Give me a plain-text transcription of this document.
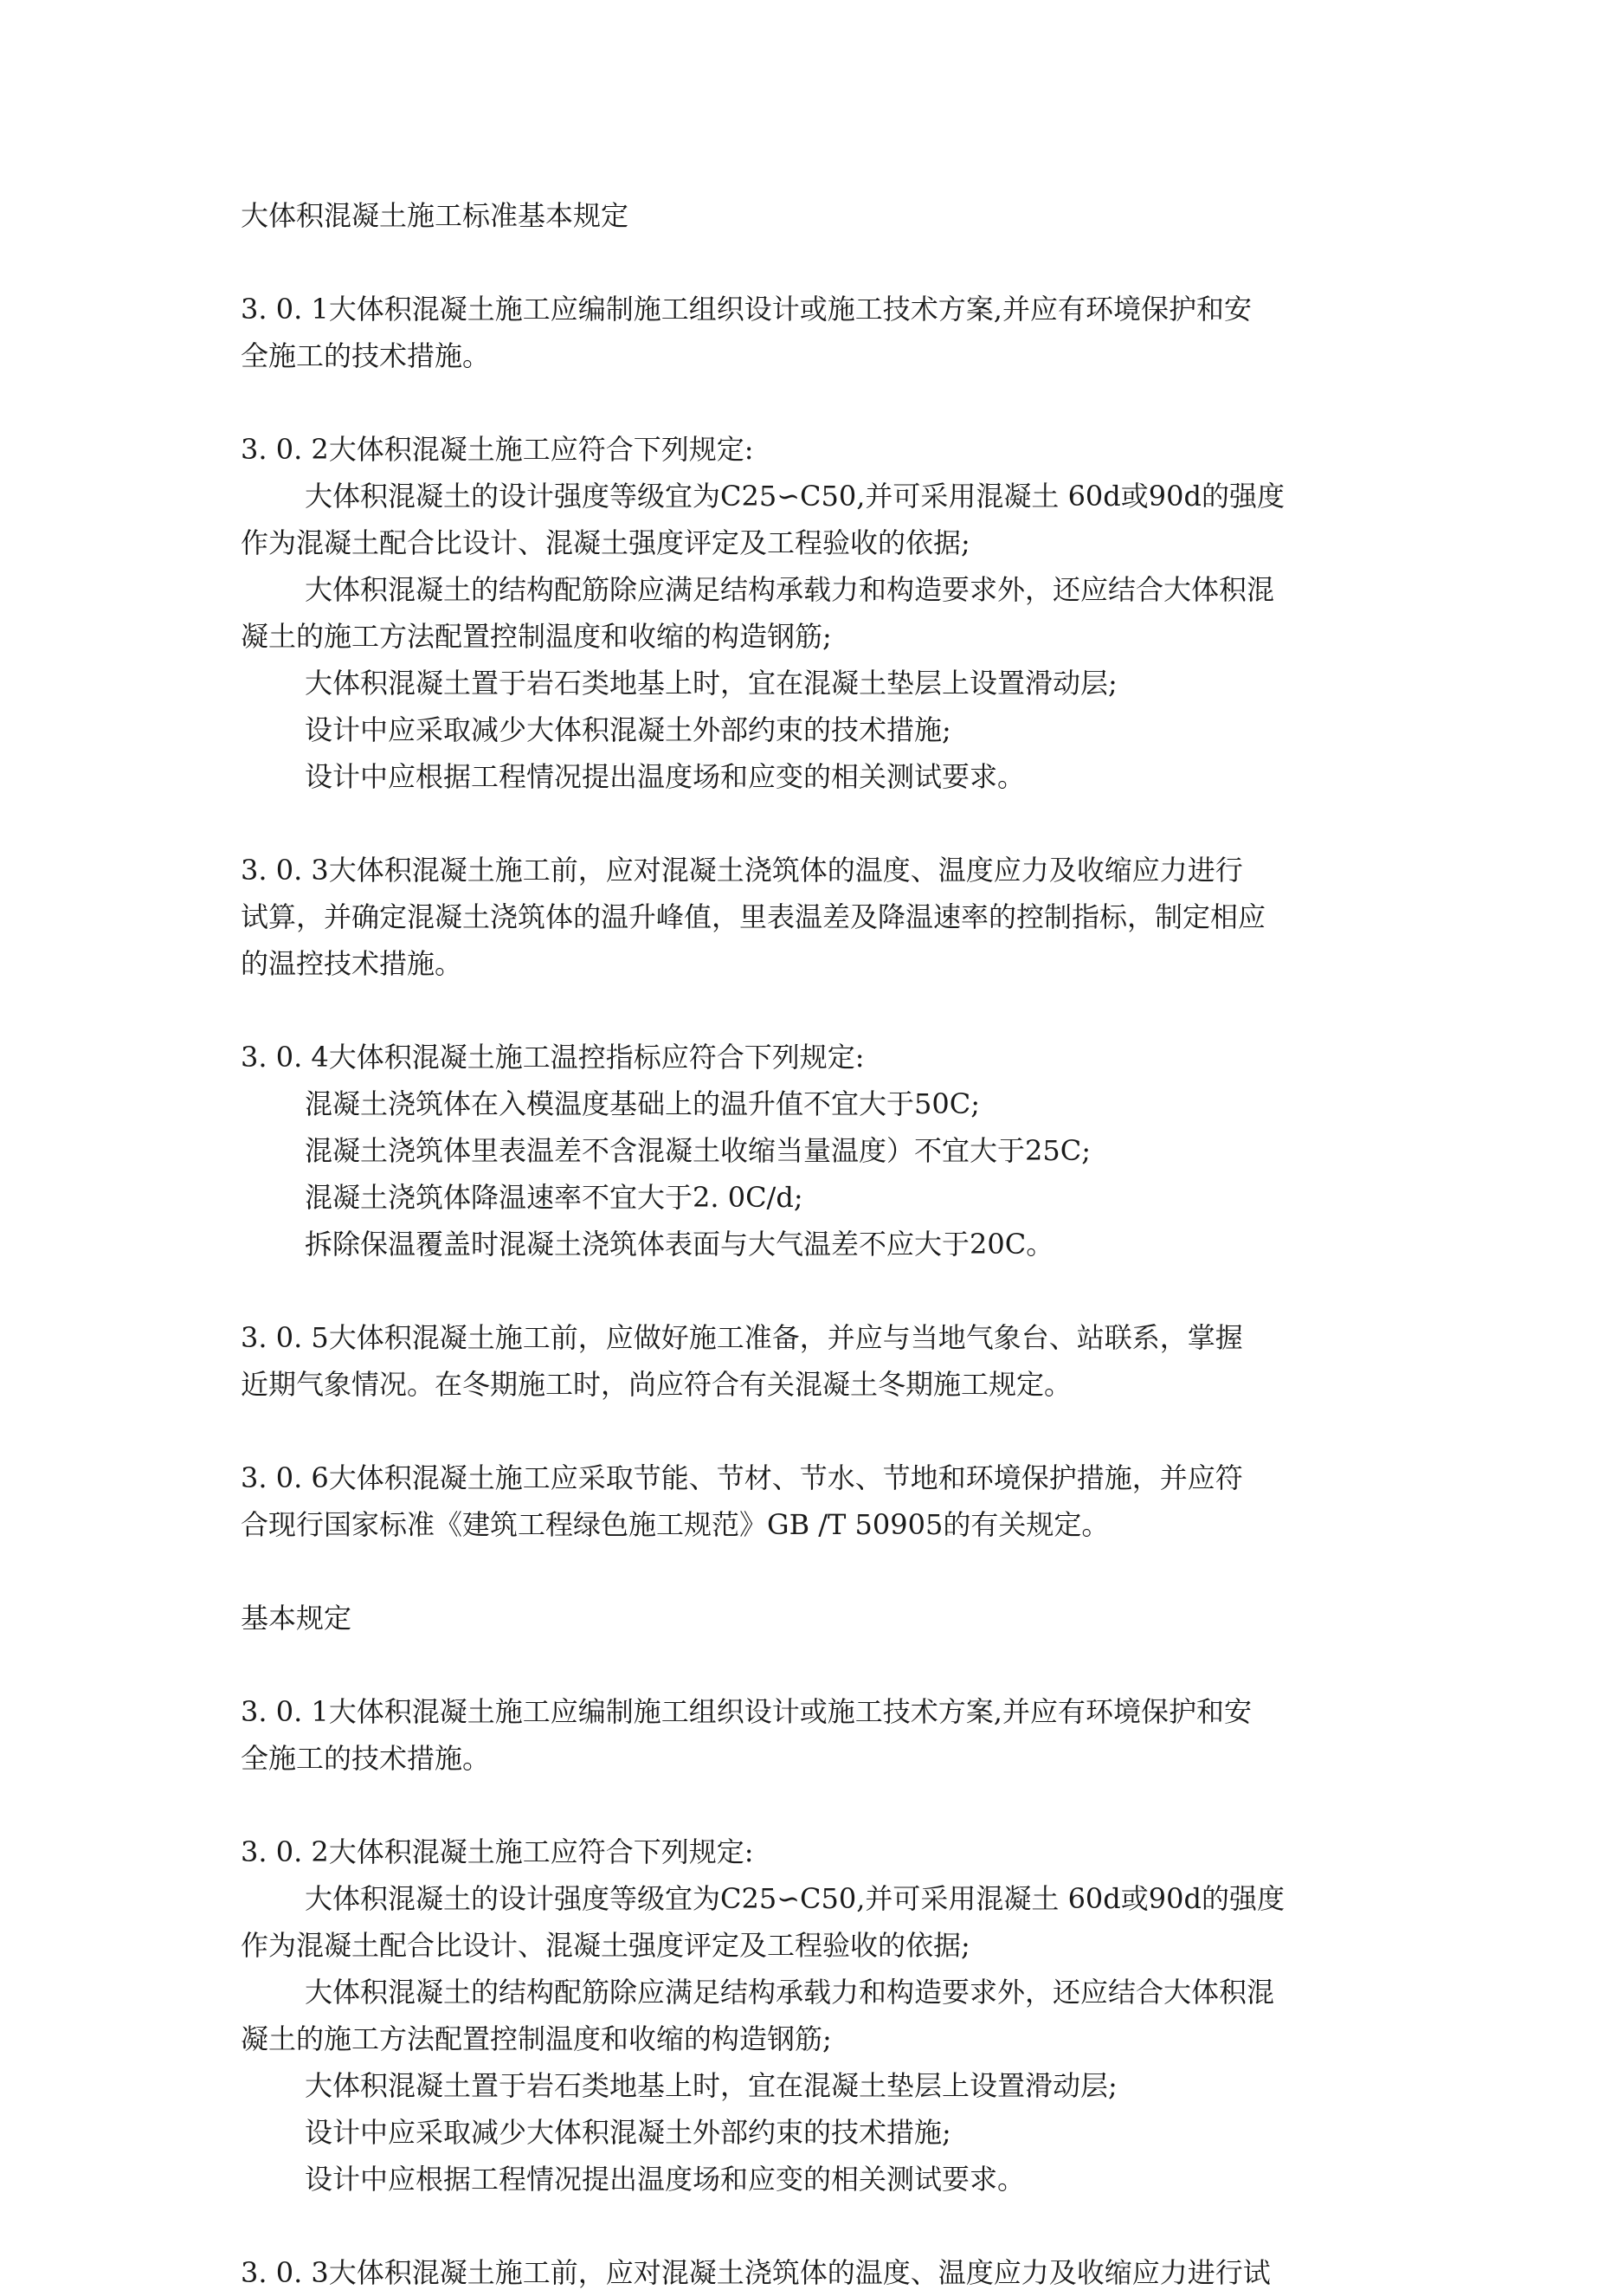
大体积混凝土施工标准基本规定
3. 0. 1大体积混凝土施工应编制施工组织设计或施工技术方案,并应有环境保护和安
全施工的技术措施。
3. 0. 2大体积混凝土施工应符合下列规定:
大体积混凝土的设计强度等级宜为C25∽C50,并可采用混凝土 60d或90d的强度
作为混凝土配合比设计、混凝土强度评定及工程验收的依据;
大体积混凝土的结构配筋除应满足结构承载力和构造要求外，还应结合大体积混
凝土的施工方法配置控制温度和收缩的构造钢筋;
大体积混凝土置于岩石类地基上时，宜在混凝土垫层上设置滑动层;
设计中应采取减少大体积混凝土外部约束的技术措施;
设计中应根据工程情况提出温度场和应变的相关测试要求。
3. 0. 3大体积混凝土施工前，应对混凝土浇筑体的温度、温度应力及收缩应力进行
试算，并确定混凝土浇筑体的温升峰值，里表温差及降温速率的控制指标，制定相应
的温控技术措施。
3. 0. 4大体积混凝土施工温控指标应符合下列规定:
混凝土浇筑体在入模温度基础上的温升值不宜大于50C;
混凝土浇筑体里表温差不含混凝土收缩当量温度）不宜大于25C;
混凝土浇筑体降温速率不宜大于2. 0C/d;
拆除保温覆盖时混凝土浇筑体表面与大气温差不应大于20C。
3. 0. 5大体积混凝土施工前，应做好施工准备，并应与当地气象台、站联系，掌握
近期气象情况。在冬期施工时，尚应符合有关混凝土冬期施工规定。
3. 0. 6大体积混凝土施工应采取节能、节材、节水、节地和环境保护措施，并应符
合现行国家标准《建筑工程绿色施工规范》GB /T 50905的有关规定。
基本规定
3. 0. 1大体积混凝土施工应编制施工组织设计或施工技术方案,并应有环境保护和安
全施工的技术措施。
3. 0. 2大体积混凝土施工应符合下列规定:
大体积混凝土的设计强度等级宜为C25∽C50,并可采用混凝土 60d或90d的强度
作为混凝土配合比设计、混凝土强度评定及工程验收的依据;
大体积混凝土的结构配筋除应满足结构承载力和构造要求外，还应结合大体积混
凝土的施工方法配置控制温度和收缩的构造钢筋;
大体积混凝土置于岩石类地基上时，宜在混凝土垫层上设置滑动层;
设计中应采取减少大体积混凝土外部约束的技术措施;
设计中应根据工程情况提出温度场和应变的相关测试要求。
3. 0. 3大体积混凝土施工前，应对混凝土浇筑体的温度、温度应力及收缩应力进行试
